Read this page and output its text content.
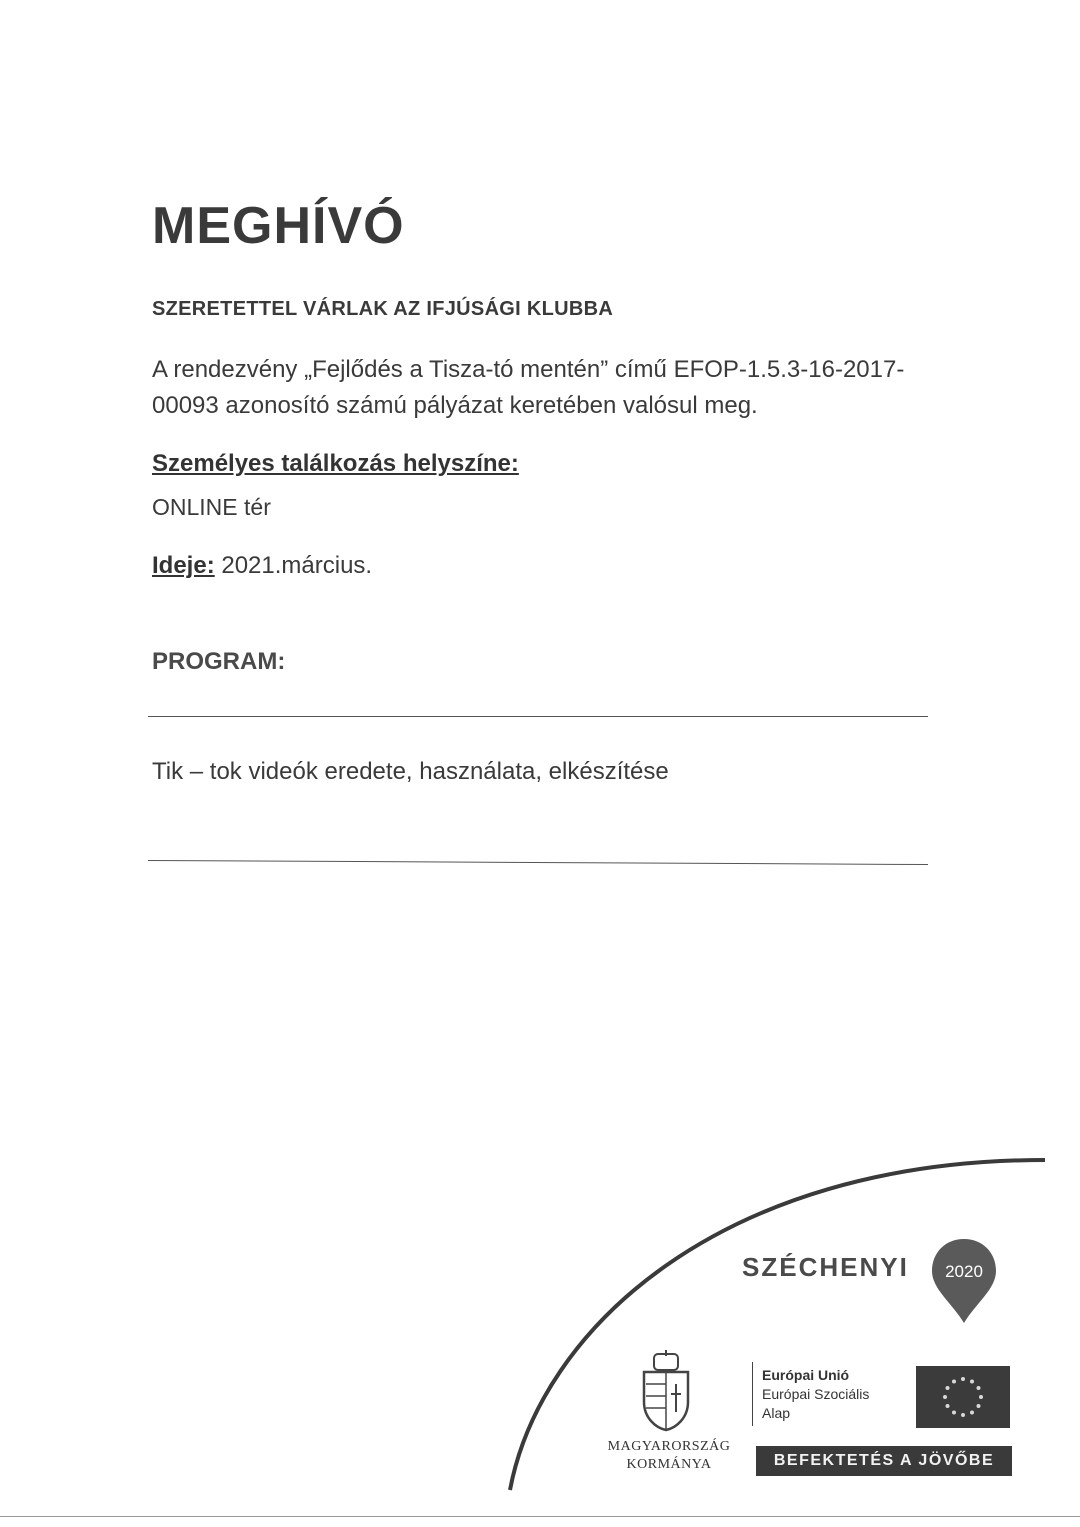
MEGHÍVÓ
SZERETETTEL VÁRLAK AZ IFJÚSÁGI KLUBBA
A rendezvény „Fejlődés a Tisza-tó mentén” című EFOP-1.5.3-16-2017-00093 azonosító számú pályázat keretében valósul meg.
Személyes találkozás helyszíne:
ONLINE tér
Ideje: 2021.március.
PROGRAM:
Tik – tok videók eredete, használata, elkészítése
SZÉCHENYI 2020
MAGYARORSZÁG
KORMÁNYA
Európai Unió
Európai Szociális
Alap
BEFEKTETÉS A JÖVŐBE
